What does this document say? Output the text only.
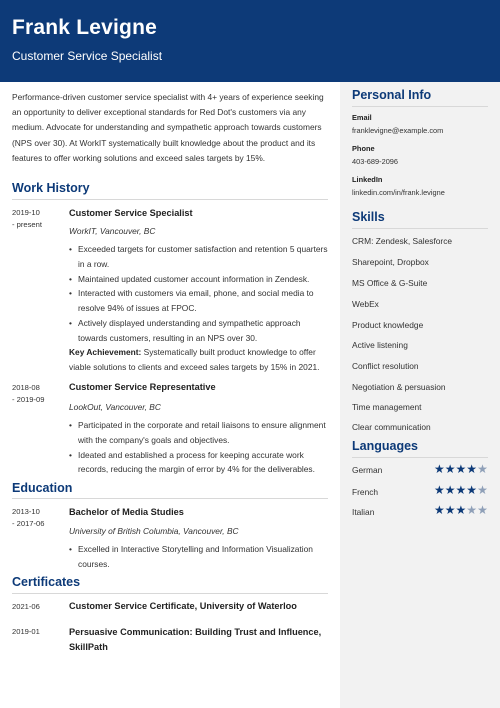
Frank Levigne
Customer Service Specialist

Performance-driven customer service specialist with 4+ years of experience seeking an opportunity to deliver exceptional standards for Red Dot's customers via any medium. Advocate for understanding and sympathetic approach towards customers (NPS over 30). At WorkIT systematically built knowledge about the product and its features to offer working solutions and exceed sales targets by 15%.

Work History
2019-10
- present
Customer Service Specialist
WorkIT, Vancouver, BC
• Exceeded targets for customer satisfaction and retention 5 quarters in a row.
• Maintained updated customer account information in Zendesk.
• Interacted with customers via email, phone, and social media to resolve 94% of issues at FPOC.
• Actively displayed understanding and sympathetic approach towards customers, resulting in an NPS over 30.
Key Achievement: Systematically built product knowledge to offer viable solutions to clients and exceed sales targets by 15% in 2021.
2018-08
- 2019-09
Customer Service Representative
LookOut, Vancouver, BC
• Participated in the corporate and retail liaisons to ensure alignment with the company's goals and objectives.
• Ideated and established a process for keeping accurate work records, reducing the margin of error by 4% for the deliverables.
Education
2013-10
- 2017-06
Bachelor of Media Studies
University of British Columbia, Vancouver, BC
• Excelled in Interactive Storytelling and Information Visualization courses.
Certificates
2021-06	Customer Service Certificate, University of Waterloo
2019-01	Persuasive Communication: Building Trust and Influence, SkillPath
Personal Info
Email
franklevigne@example.com
Phone
403-689-2096
LinkedIn
linkedin.com/in/frank.levigne
Skills
CRM: Zendesk, Salesforce
Sharepoint, Dropbox
MS Office & G-Suite
WebEx
Product knowledge
Active listening
Conflict resolution
Negotiation & persuasion
Time management
Clear communication
Languages
German	★★★★★
French	★★★★★
Italian	★★★★★
